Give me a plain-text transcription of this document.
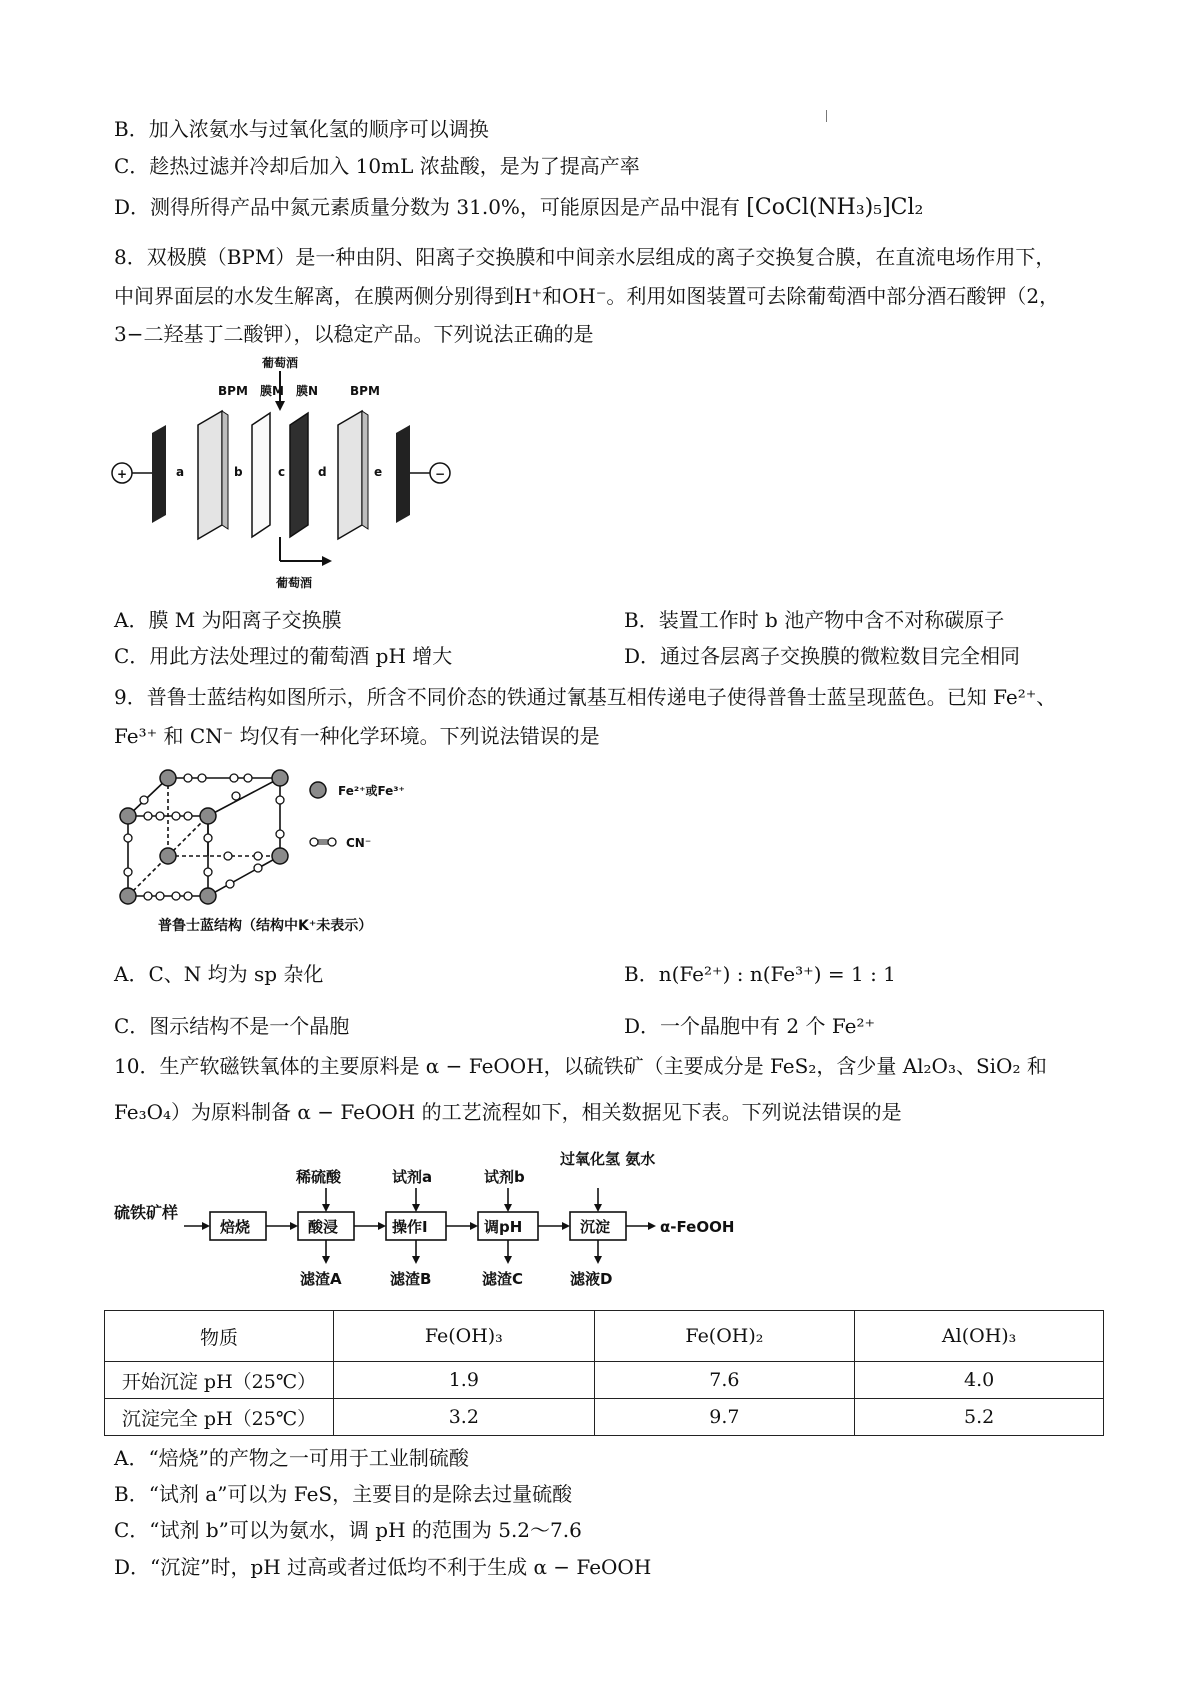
B．加入浓氨水与过氧化氢的顺序可以调换
C．趁热过滤并冷却后加入 10mL 浓盐酸，是为了提高产率
D．测得所得产品中氮元素质量分数为 31.0%，可能原因是产品中混有 [CoCl(NH₃)₅]Cl₂
8．双极膜（BPM）是一种由阴、阳离子交换膜和中间亲水层组成的离子交换复合膜，在直流电场作用下，
中间界面层的水发生解离，在膜两侧分别得到H⁺和OH⁻。利用如图装置可去除葡萄酒中部分酒石酸钾（2，
3−二羟基丁二酸钾），以稳定产品。下列说法正确的是
葡萄酒
BPM 膜M 膜N	BPM
+	a	b	c	d	e	−
葡萄酒
A．膜 M 为阳离子交换膜	B．装置工作时 b 池产物中含不对称碳原子
C．用此方法处理过的葡萄酒 pH 增大	D．通过各层离子交换膜的微粒数目完全相同
9．普鲁士蓝结构如图所示，所含不同价态的铁通过氰基互相传递电子使得普鲁士蓝呈现蓝色。已知 Fe²⁺、
Fe³⁺ 和 CN⁻ 均仅有一种化学环境。下列说法错误的是
Fe²⁺或Fe³⁺
CN⁻
普鲁士蓝结构（结构中K⁺未表示）
A．C、N 均为 sp 杂化	B．n(Fe²⁺) : n(Fe³⁺) = 1 : 1
C．图示结构不是一个晶胞	D．一个晶胞中有 2 个 Fe²⁺
10．生产软磁铁氧体的主要原料是 α − FeOOH，以硫铁矿（主要成分是 FeS₂，含少量 Al₂O₃、SiO₂ 和
Fe₃O₄）为原料制备 α − FeOOH 的工艺流程如下，相关数据见下表。下列说法错误的是
硫铁矿样
焙烧	酸浸	操作Ⅰ	调pH	沉淀	α-FeOOH
稀硫酸	试剂a	试剂b
过氧化氢 氨水
滤渣A	滤渣B	滤渣C	滤液D
物质	Fe(OH)₃	Fe(OH)₂	Al(OH)₃
开始沉淀 pH（25℃）	1.9	7.6	4.0
沉淀完全 pH（25℃）	3.2	9.7	5.2
A．“焙烧”的产物之一可用于工业制硫酸
B．“试剂 a”可以为 FeS，主要目的是除去过量硫酸
C．“试剂 b”可以为氨水，调 pH 的范围为 5.2～7.6
D．“沉淀”时，pH 过高或者过低均不利于生成 α − FeOOH
